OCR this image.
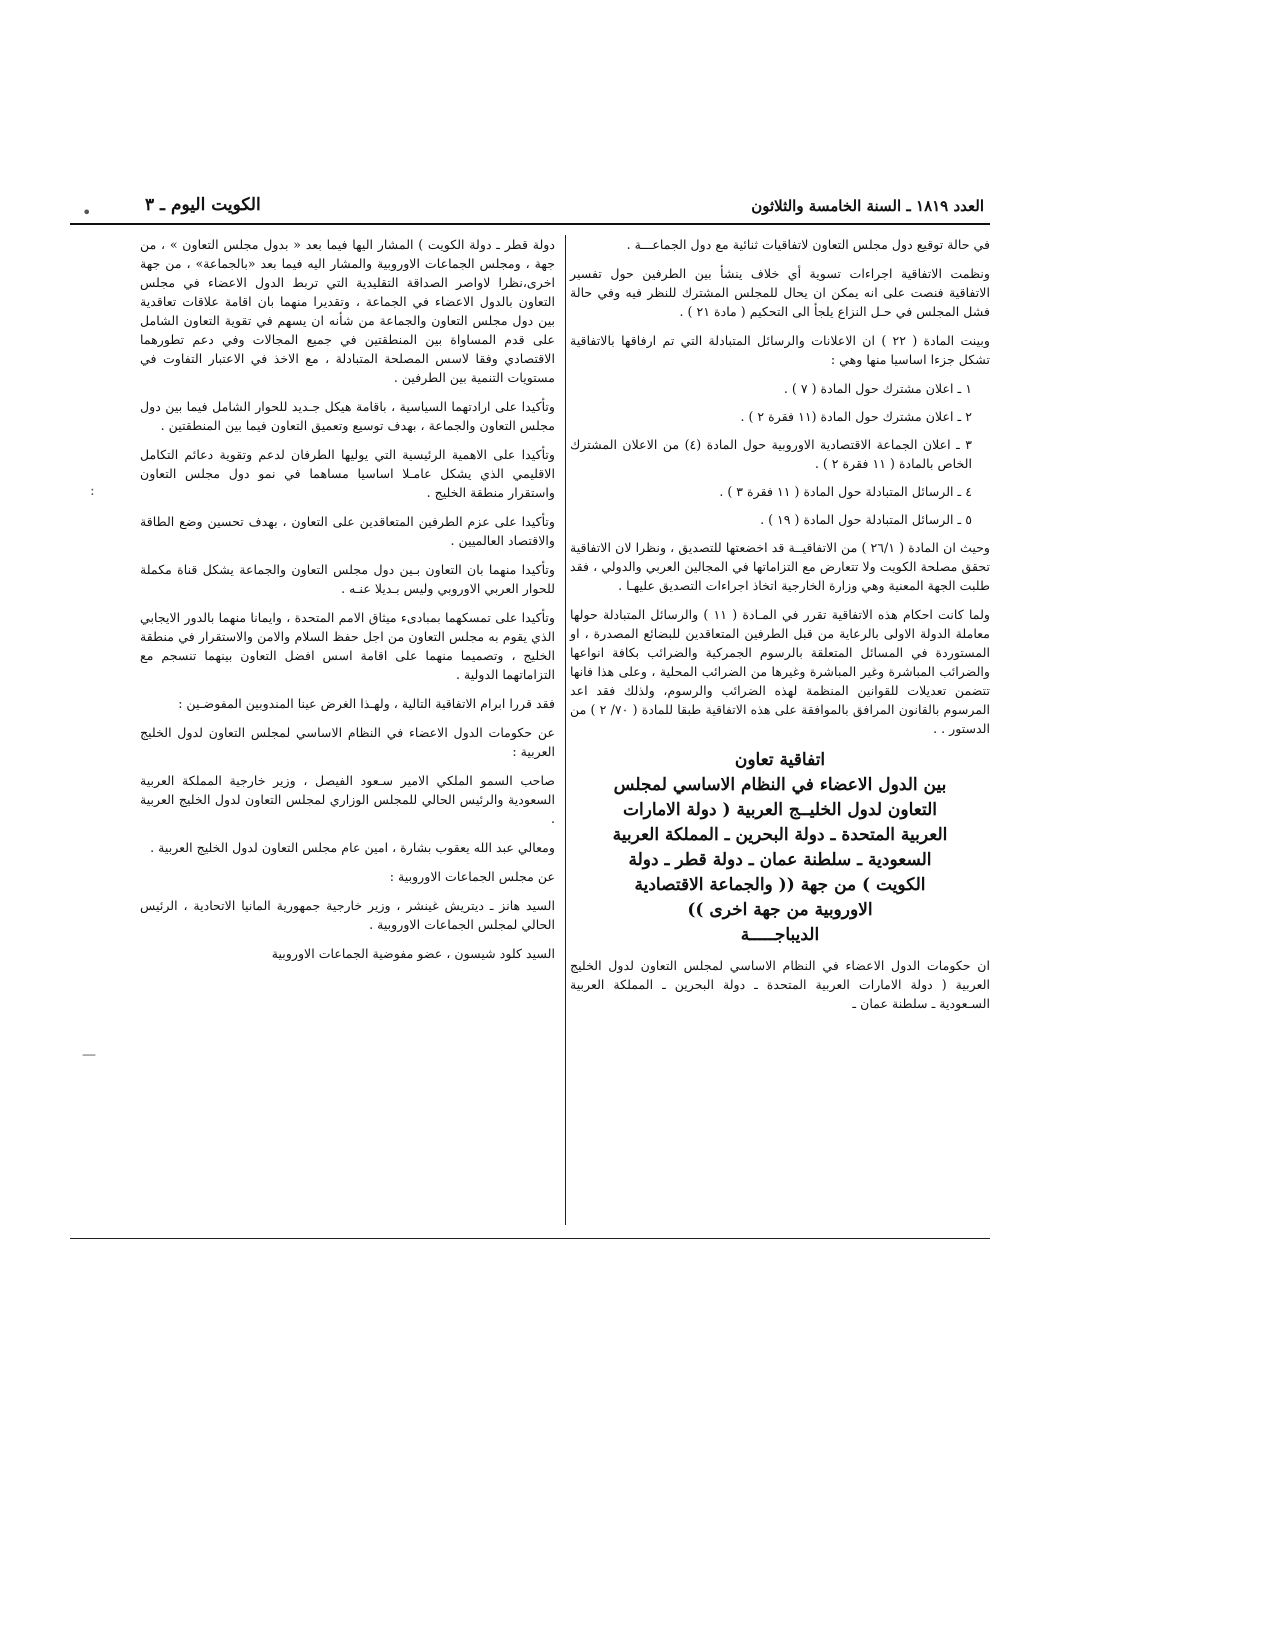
العدد ١٨١٩ ـ السنة الخامسة والثلاثون
الكويت اليوم ـ ٣

في حالة توقيع دول مجلس التعاون لاتفاقيات ثنائية مع دول الجماعـــة .

ونظمت الاتفاقية اجراءات تسوية أي خلاف ينشأ بين الطرفين حول تفسير الاتفاقية فنصت على انه يمكن ان يحال للمجلس المشترك للنظر فيه وفي حالة فشل المجلس في حـل النزاع يلجأ الى التحكيم ( مادة ٢١ ) .

وبينت المادة ( ٢٢ ) ان الاعلانات والرسائل المتبادلة التي تم ارفاقها بالاتفاقية تشكل جزءا اساسيا منها وهي :

١ ـ اعلان مشترك حول المادة ( ٧ ) .
٢ ـ اعلان مشترك حول المادة (١١ فقرة ٢ ) .
٣ ـ اعلان الجماعة الاقتصادية الاوروبية حول المادة (٤) من الاعلان المشترك الخاص بالمادة ( ١١ فقرة ٢ ) .
٤ ـ الرسائل المتبادلة حول المادة ( ١١ فقرة ٣ ) .
٥ ـ الرسائل المتبادلة حول المادة ( ١٩ ) .

وحيث ان المادة ( ٢٦/١ ) من الاتفاقيــة قد اخضعتها للتصديق ، ونظرا لان الاتفاقية تحقق مصلحة الكويت ولا تتعارض مع التزاماتها في المجالين العربي والدولي ، فقد طلبت الجهة المعنية وهي وزارة الخارجية اتخاذ اجراءات التصديق عليهـا .

ولما كانت احكام هذه الاتفاقية تقرر في المـادة ( ١١ ) والرسائل المتبادلة حولها معاملة الدولة الاولى بالرعاية من قبل الطرفين المتعاقدين للبضائع المصدرة ، او المستوردة في المسائل المتعلقة بالرسوم الجمركية والضرائب بكافة انواعها والضرائب المباشرة وغير المباشرة وغيرها من الضرائب المحلية ، وعلى هذا فانها تتضمن تعديلات للقوانين المنظمة لهذه الضرائب والرسوم، ولذلك فقد اعد المرسوم بالقانون المرافق بالموافقة على هذه الاتفاقية طبقا للمادة ( ٧٠/ ٢ ) من الدستور . .

اتفاقية تعاون
بين الدول الاعضاء في النظام الاساسي لمجلس
التعاون لدول الخليــج العربية ( دولة الامارات
العربية المتحدة ـ دولة البحرين ـ المملكة العربية
السعودية ـ سلطنة عمان ـ دولة قطر ـ دولة
الكويت ) من جهة (( والجماعة الاقتصادية
الاوروبية من جهة اخرى ))
الديباجـــــة

ان حكومات الدول الاعضاء في النظام الاساسي لمجلس التعاون لدول الخليج العربية ( دولة الامارات العربية المتحدة ـ دولة البحرين ـ المملكة العربية السـعودية ـ سلطنة عمان ـ

دولة قطر ـ دولة الكويت ) المشار اليها فيما بعد « بدول مجلس التعاون » ، من جهة ، ومجلس الجماعات الاوروبية والمشار اليه فيما بعد «بالجماعة» ، من جهة اخرى،نظرا لاواصر الصداقة التقليدية التي تربط الدول الاعضاء في مجلس التعاون بالدول الاعضاء في الجماعة ، وتقديرا منهما بان اقامة علاقات تعاقدية بين دول مجلس التعاون والجماعة من شأنه ان يسهم في تقوية التعاون الشامل على قدم المساواة بين المنطقتين في جميع المجالات وفي دعم تطورهما الاقتصادي وفقا لاسس المصلحة المتبادلة ، مع الاخذ في الاعتبار التفاوت في مستويات التنمية بين الطرفين .

وتأكيدا على ارادتهما السياسية ، باقامة هيكل جـديد للحوار الشامل فيما بين دول مجلس التعاون والجماعة ، بهدف توسيع وتعميق التعاون فيما بين المنطقتين .

وتأكيدا على الاهمية الرئيسية التي يوليها الطرفان لدعم وتقوية دعائم التكامل الاقليمي الذي يشكل عامـلا اساسيا مساهما في نمو دول مجلس التعاون واستقرار منطقة الخليج .

وتأكيدا على عزم الطرفين المتعاقدين على التعاون ، بهدف تحسين وضع الطاقة والاقتصاد العالميين .

وتأكيدا منهما بان التعاون بـين دول مجلس التعاون والجماعة يشكل قناة مكملة للحوار العربي الاوروبي وليس بـديلا عنـه .

وتأكيدا على تمسكهما بمبادىء ميثاق الامم المتحدة ، وايمانا منهما بالدور الايجابي الذي يقوم به مجلس التعاون من اجل حفظ السلام والامن والاستقرار في منطقة الخليج ، وتصميما منهما على اقامة اسس افضل التعاون بينهما تنسجم مع التزاماتهما الدولية .

فقد قررا ابرام الاتفاقية التالية ، ولهـذا الغرض عينا المندوبين المفوضـين :

عن حكومات الدول الاعضاء في النظام الاساسي لمجلس التعاون لدول الخليج العربية :

صاحب السمو الملكي الامير سـعود الفيصل ، وزير خارجية المملكة العربية السعودية والرئيس الحالي للمجلس الوزاري لمجلس التعاون لدول الخليج العربية .

ومعالي عبد الله يعقوب بشارة ، امين عام مجلس التعاون لدول الخليج العربية .

عن مجلس الجماعات الاوروبية :

السيد هانز ـ ديتريش غينشر ، وزير خارجية جمهورية المانيا الاتحادية ، الرئيس الحالي لمجلس الجماعات الاوروبية .

السيد كلود شيسون ، عضو مفوضية الجماعات الاوروبية

•
:
—
